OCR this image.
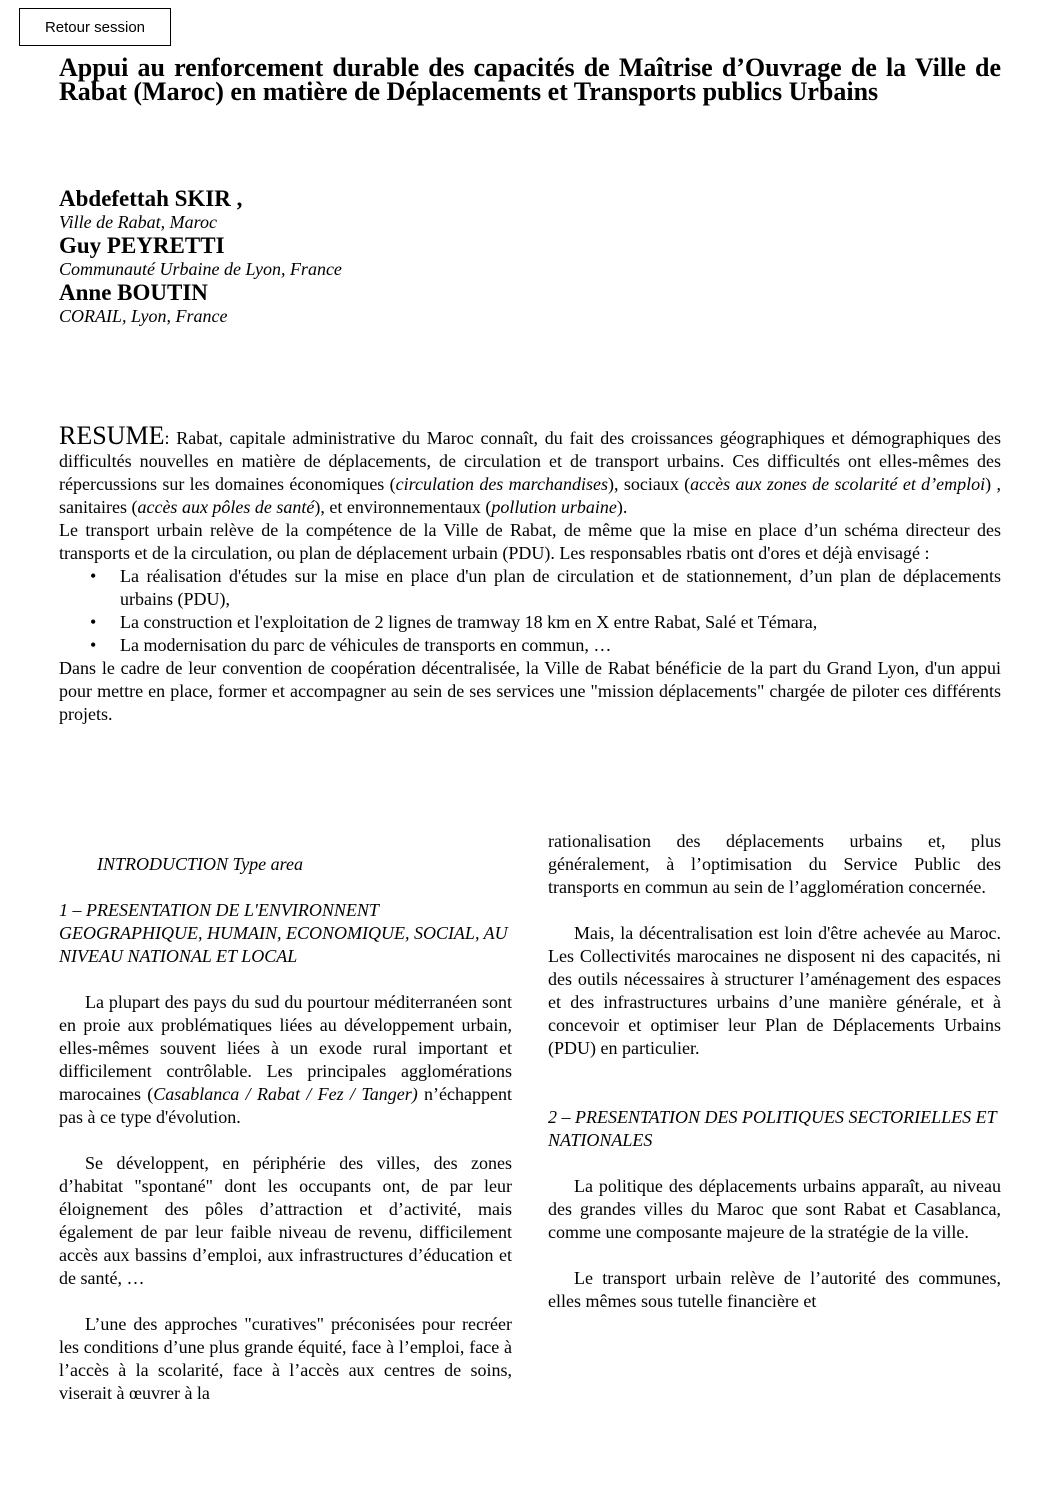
Retour session
Appui au renforcement durable des capacités de Maîtrise d’Ouvrage de la Ville de Rabat (Maroc) en matière de Déplacements et Transports publics Urbains
Abdefettah SKIR ,
Ville de Rabat, Maroc
Guy PEYRETTI
Communauté Urbaine de Lyon, France
Anne BOUTIN
CORAIL, Lyon, France

RESUME: Rabat, capitale administrative du Maroc connaît, du fait des croissances géographiques et démographiques des difficultés nouvelles en matière de déplacements, de circulation et de transport urbains. Ces difficultés ont elles-mêmes des répercussions sur les domaines économiques (circulation des marchandises), sociaux (accès aux zones de scolarité et d’emploi) , sanitaires (accès aux pôles de santé), et environnementaux (pollution urbaine).

Le transport urbain relève de la compétence de la Ville de Rabat, de même que la mise en place d’un schéma directeur des transports et de la circulation, ou plan de déplacement urbain (PDU). Les responsables rbatis ont d'ores et déjà envisagé :

• La réalisation d'études sur la mise en place d'un plan de circulation et de stationnement, d’un plan de déplacements urbains (PDU),
• La construction et l'exploitation de 2 lignes de tramway 18 km en X entre Rabat, Salé et Témara,
• La modernisation du parc de véhicules de transports en commun, …

Dans le cadre de leur convention de coopération décentralisée, la Ville de Rabat bénéficie de la part du Grand Lyon, d'un appui pour mettre en place, former et accompagner au sein de ses services une "mission déplacements" chargée de piloter ces différents projets.

INTRODUCTION Type area

1 – PRESENTATION DE L'ENVIRONNENT GEOGRAPHIQUE, HUMAIN, ECONOMIQUE, SOCIAL, AU NIVEAU NATIONAL ET LOCAL

La plupart des pays du sud du pourtour méditerranéen sont en proie aux problématiques liées au développement urbain, elles-mêmes souvent liées à un exode rural important et difficilement contrôlable. Les principales agglomérations marocaines (Casablanca / Rabat / Fez / Tanger) n’échappent pas à ce type d'évolution.

Se développent, en périphérie des villes, des zones d’habitat "spontané" dont les occupants ont, de par leur éloignement des pôles d’attraction et d’activité, mais également de par leur faible niveau de revenu, difficilement accès aux bassins d’emploi, aux infrastructures d’éducation et de santé, …

L’une des approches "curatives" préconisées pour recréer les conditions d’une plus grande équité, face à l’emploi, face à l’accès à la scolarité, face à l’accès aux centres de soins, viserait à œuvrer à la

rationalisation des déplacements urbains et, plus généralement, à l’optimisation du Service Public des transports en commun au sein de l’agglomération concernée.

Mais, la décentralisation est loin d'être achevée au Maroc. Les Collectivités marocaines ne disposent ni des capacités, ni des outils nécessaires à structurer l’aménagement des espaces et des infrastructures urbains d’une manière générale, et à concevoir et optimiser leur Plan de Déplacements Urbains (PDU) en particulier.

2 – PRESENTATION DES POLITIQUES SECTORIELLES ET NATIONALES

La politique des déplacements urbains apparaît, au niveau des grandes villes du Maroc que sont Rabat et Casablanca, comme une composante majeure de la stratégie de la ville.

Le transport urbain relève de l’autorité des communes, elles mêmes sous tutelle financière et
